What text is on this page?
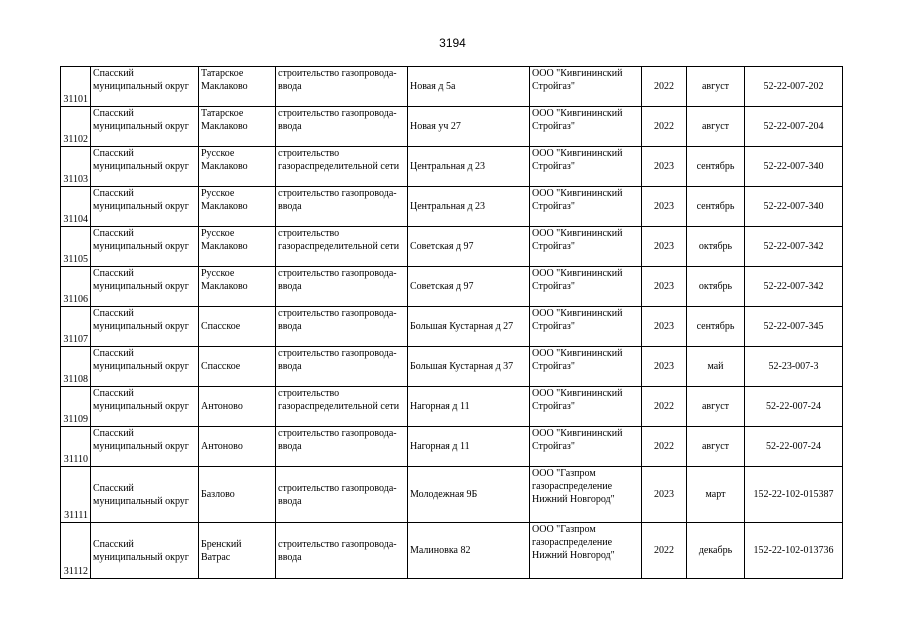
3194
31101	Спасский муниципальный округ	Татарское Маклаково	строительство газопровода-ввода	Новая д 5а	ООО "Кивгининский Стройгаз"	2022	август	52-22-007-202
31102	Спасский муниципальный округ	Татарское Маклаково	строительство газопровода-ввода	Новая уч 27	ООО "Кивгининский Стройгаз"	2022	август	52-22-007-204
31103	Спасский муниципальный округ	Русское Маклаково	строительство газораспределительной сети	Центральная д 23	ООО "Кивгининский Стройгаз"	2023	сентябрь	52-22-007-340
31104	Спасский муниципальный округ	Русское Маклаково	строительство газопровода-ввода	Центральная д 23	ООО "Кивгининский Стройгаз"	2023	сентябрь	52-22-007-340
31105	Спасский муниципальный округ	Русское Маклаково	строительство газораспределительной сети	Советская д 97	ООО "Кивгининский Стройгаз"	2023	октябрь	52-22-007-342
31106	Спасский муниципальный округ	Русское Маклаково	строительство газопровода-ввода	Советская д 97	ООО "Кивгининский Стройгаз"	2023	октябрь	52-22-007-342
31107	Спасский муниципальный округ	Спасское	строительство газопровода-ввода	Большая Кустарная д 27	ООО "Кивгининский Стройгаз"	2023	сентябрь	52-22-007-345
31108	Спасский муниципальный округ	Спасское	строительство газопровода-ввода	Большая Кустарная д 37	ООО "Кивгининский Стройгаз"	2023	май	52-23-007-3
31109	Спасский муниципальный округ	Антоново	строительство газораспределительной сети	Нагорная д 11	ООО "Кивгининский Стройгаз"	2022	август	52-22-007-24
31110	Спасский муниципальный округ	Антоново	строительство газопровода-ввода	Нагорная д 11	ООО "Кивгининский Стройгаз"	2022	август	52-22-007-24
31111	Спасский муниципальный округ	Базлово	строительство газопровода-ввода	Молодежная 9Б	ООО "Газпром газораспределение Нижний Новгород"	2023	март	152-22-102-015387
31112	Спасский муниципальный округ	Бренский Ватрас	строительство газопровода-ввода	Малиновка 82	ООО "Газпром газораспределение Нижний Новгород"	2022	декабрь	152-22-102-013736
